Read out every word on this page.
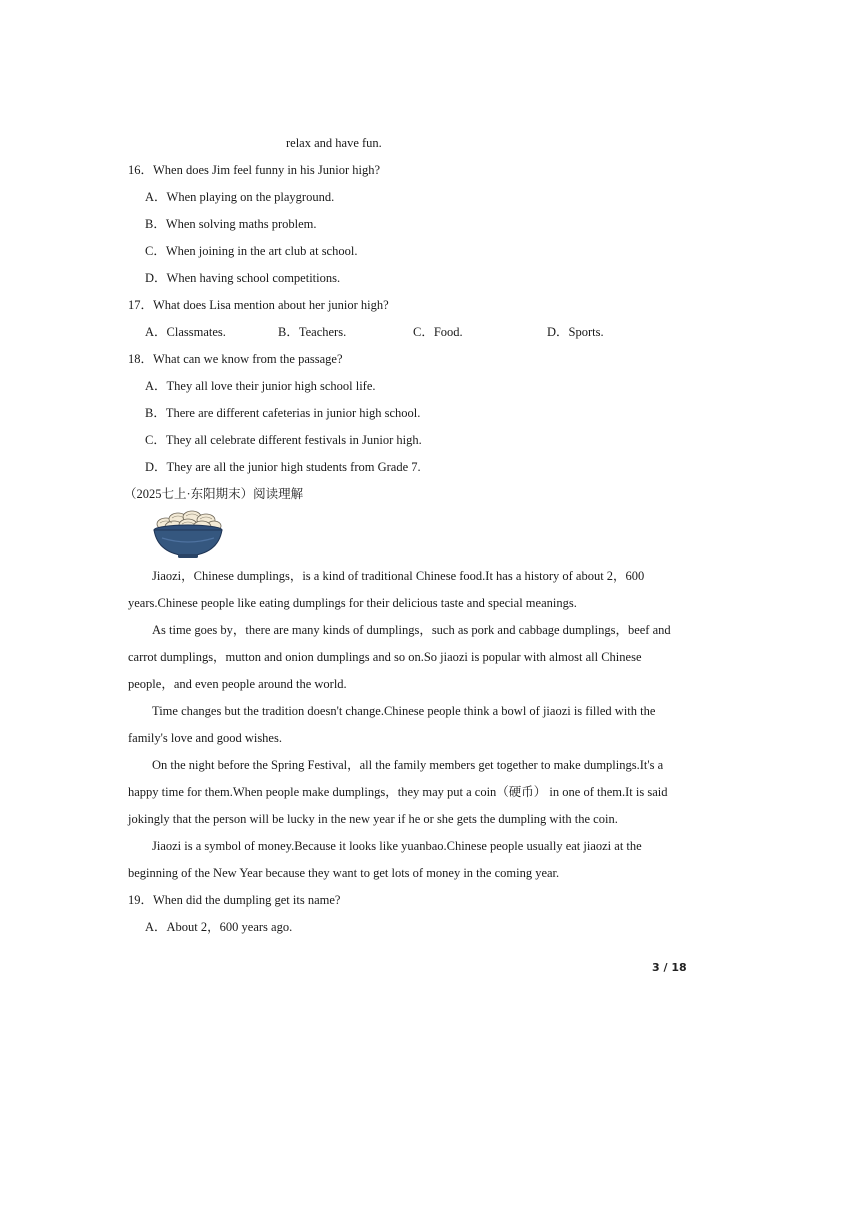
relax and have fun.
16．When does Jim feel funny in his Junior high?
A．When playing on the playground.
B．When solving maths problem.
C．When joining in the art club at school.
D．When having school competitions.
17．What does Lisa mention about her junior high?
A．Classmates.	B．Teachers.	C．Food.	D．Sports.
18．What can we know from the passage?
A．They all love their junior high school life.
B．There are different cafeterias in junior high school.
C．They all celebrate different festivals in Junior high.
D．They are all the junior high students from Grade 7.
（2025七上·东阳期末）阅读理解
Jiaozi，Chinese dumplings，is a kind of traditional Chinese food.It has a history of about 2，600
years.Chinese people like eating dumplings for their delicious taste and special meanings.
As time goes by，there are many kinds of dumplings，such as pork and cabbage dumplings，beef and
carrot dumplings，mutton and onion dumplings and so on.So jiaozi is popular with almost all Chinese
people，and even people around the world.
Time changes but the tradition doesn't change.Chinese people think a bowl of jiaozi is filled with the
family's love and good wishes.
On the night before the Spring Festival，all the family members get together to make dumplings.It's a
happy time for them.When people make dumplings，they may put a coin（硬币） in one of them.It is said
jokingly that the person will be lucky in the new year if he or she gets the dumpling with the coin.
Jiaozi is a symbol of money.Because it looks like yuanbao.Chinese people usually eat jiaozi at the
beginning of the New Year because they want to get lots of money in the coming year.
19．When did the dumpling get its name?
A．About 2，600 years ago.
3 / 18
